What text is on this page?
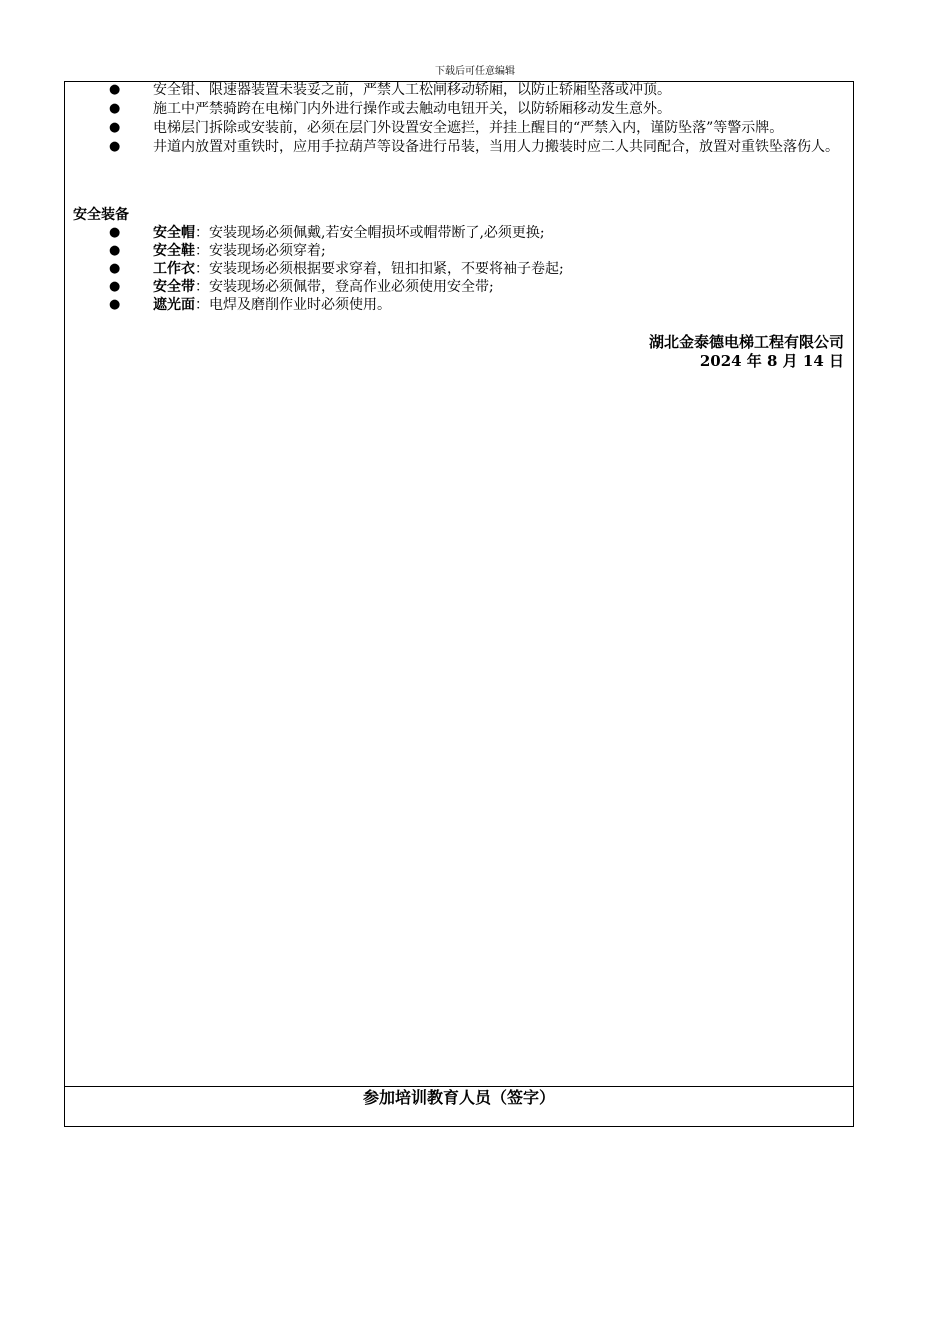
下载后可任意编辑
● 安全钳、限速器装置未装妥之前，严禁人工松闸移动轿厢，以防止轿厢坠落或冲顶。
● 施工中严禁骑跨在电梯门内外进行操作或去触动电钮开关，以防轿厢移动发生意外。
● 电梯层门拆除或安装前，必须在层门外设置安全遮拦，并挂上醒目的“严禁入内，谨防坠落”等警示牌。
● 井道内放置对重铁时，应用手拉葫芦等设备进行吊装，当用人力搬装时应二人共同配合，放置对重铁坠落伤人。
安全装备
● 安全帽：安装现场必须佩戴,若安全帽损坏或帽带断了,必须更换;
● 安全鞋：安装现场必须穿着;
● 工作衣：安装现场必须根据要求穿着，钮扣扣紧，不要将袖子卷起;
● 安全带：安装现场必须佩带，登高作业必须使用安全带;
● 遮光面：电焊及磨削作业时必须使用。
湖北金泰德电梯工程有限公司
2024 年 8 月 14 日
参加培训教育人员（签字）
